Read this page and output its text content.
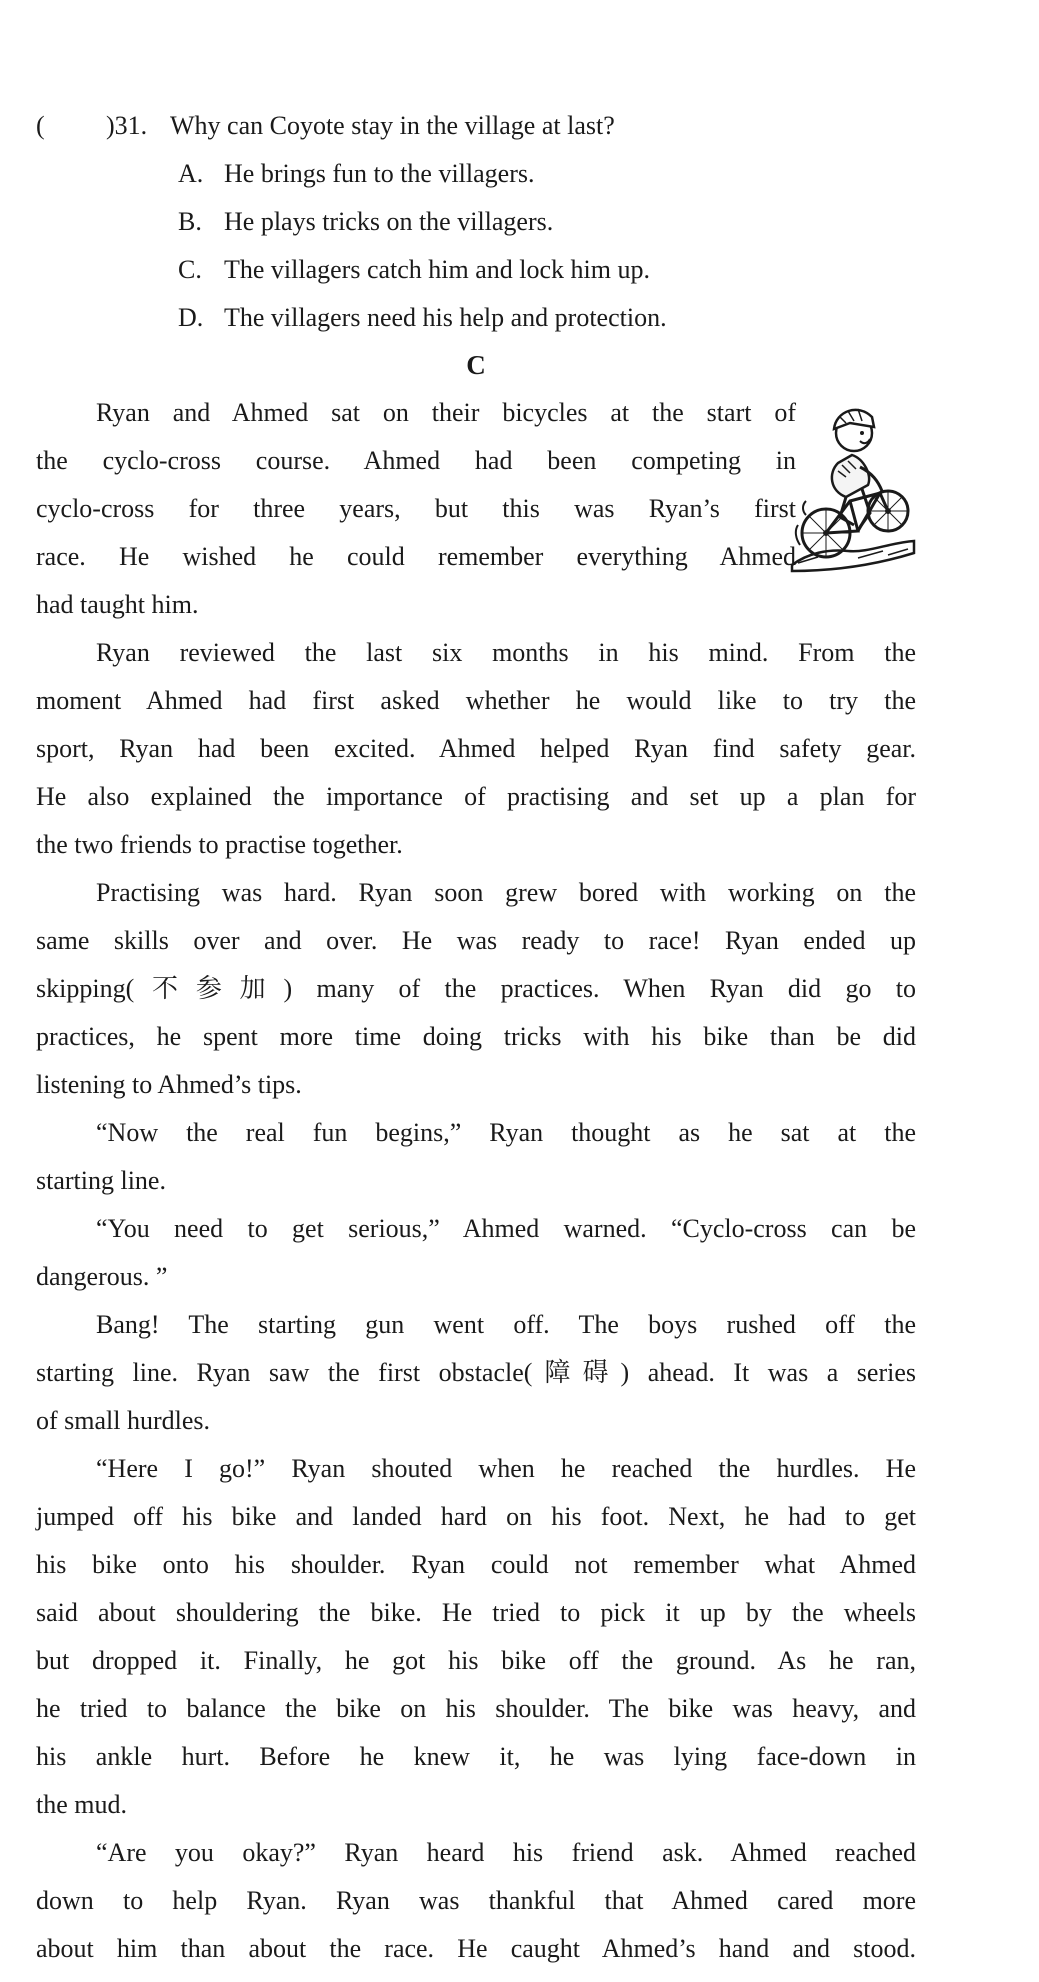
( )31. Why can Coyote stay in the village at last?
A. He brings fun to the villagers.
B. He plays tricks on the villagers.
C. The villagers catch him and lock him up.
D. The villagers need his help and protection.
C
Ryan and Ahmed sat on their bicycles at the start of
the cyclo-cross course. Ahmed had been competing in
cyclo-cross for three years, but this was Ryan’s first
race. He wished he could remember everything Ahmed
had taught him.
Ryan reviewed the last six months in his mind. From the
moment Ahmed had first asked whether he would like to try the
sport, Ryan had been excited. Ahmed helped Ryan find safety gear.
He also explained the importance of practising and set up a plan for
the two friends to practise together.
Practising was hard. Ryan soon grew bored with working on the
same skills over and over. He was ready to race! Ryan ended up
skipping(不参加) many of the practices. When Ryan did go to
practices, he spent more time doing tricks with his bike than be did
listening to Ahmed’s tips.
“Now the real fun begins,” Ryan thought as he sat at the
starting line.
“You need to get serious,” Ahmed warned. “Cyclo-cross can be
dangerous. ”
Bang! The starting gun went off. The boys rushed off the
starting line. Ryan saw the first obstacle(障碍) ahead. It was a series
of small hurdles.
“Here I go!” Ryan shouted when he reached the hurdles. He
jumped off his bike and landed hard on his foot. Next, he had to get
his bike onto his shoulder. Ryan could not remember what Ahmed
said about shouldering the bike. He tried to pick it up by the wheels
but dropped it. Finally, he got his bike off the ground. As he ran,
he tried to balance the bike on his shoulder. The bike was heavy, and
his ankle hurt. Before he knew it, he was lying face-down in
the mud.
“Are you okay?” Ryan heard his friend ask. Ahmed reached
down to help Ryan. Ryan was thankful that Ahmed cared more
about him than about the race. He caught Ahmed’s hand and stood.
